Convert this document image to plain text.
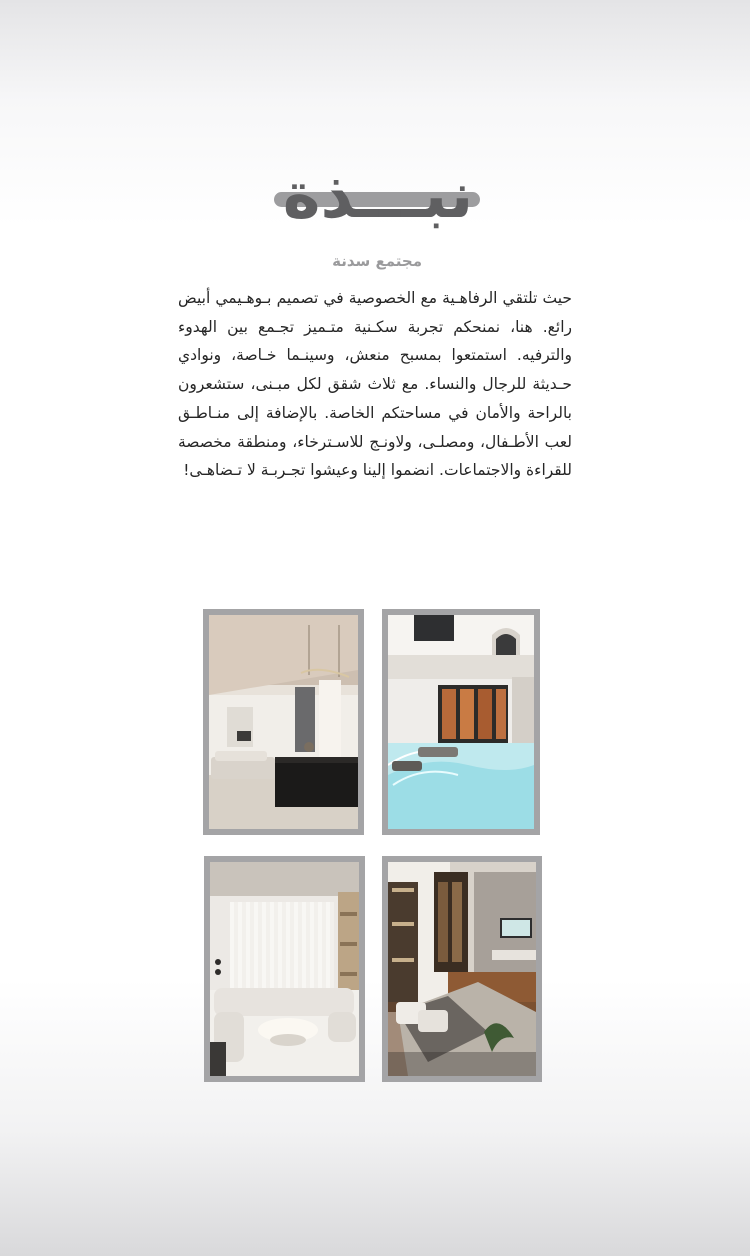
نبـــذة
مجتمع سدنة
حيث تلتقي الرفاهـية مع الخصوصية في تصميم بـوهـيمي أبيض رائع. هنا، نمنحكم تجربة سكـنية متـميز تجـمع بين الهدوء والترفيه. استمتعوا بمسبح منعش، وسينـما خـاصة، ونوادي حـديثة للرجال والنساء. مع ثلاث شقق لكل مبـنى، ستشعرون بالراحة والأمان في مساحتكم الخاصة. بالإضافة إلى منـاطـق لعب الأطـفال، ومصلـى، ولاونـج للاسـترخاء، ومنطقة مخصصة للقراءة والاجتماعات. انضموا إلينا وعيشوا تجـربـة لا تـضاهـى!
